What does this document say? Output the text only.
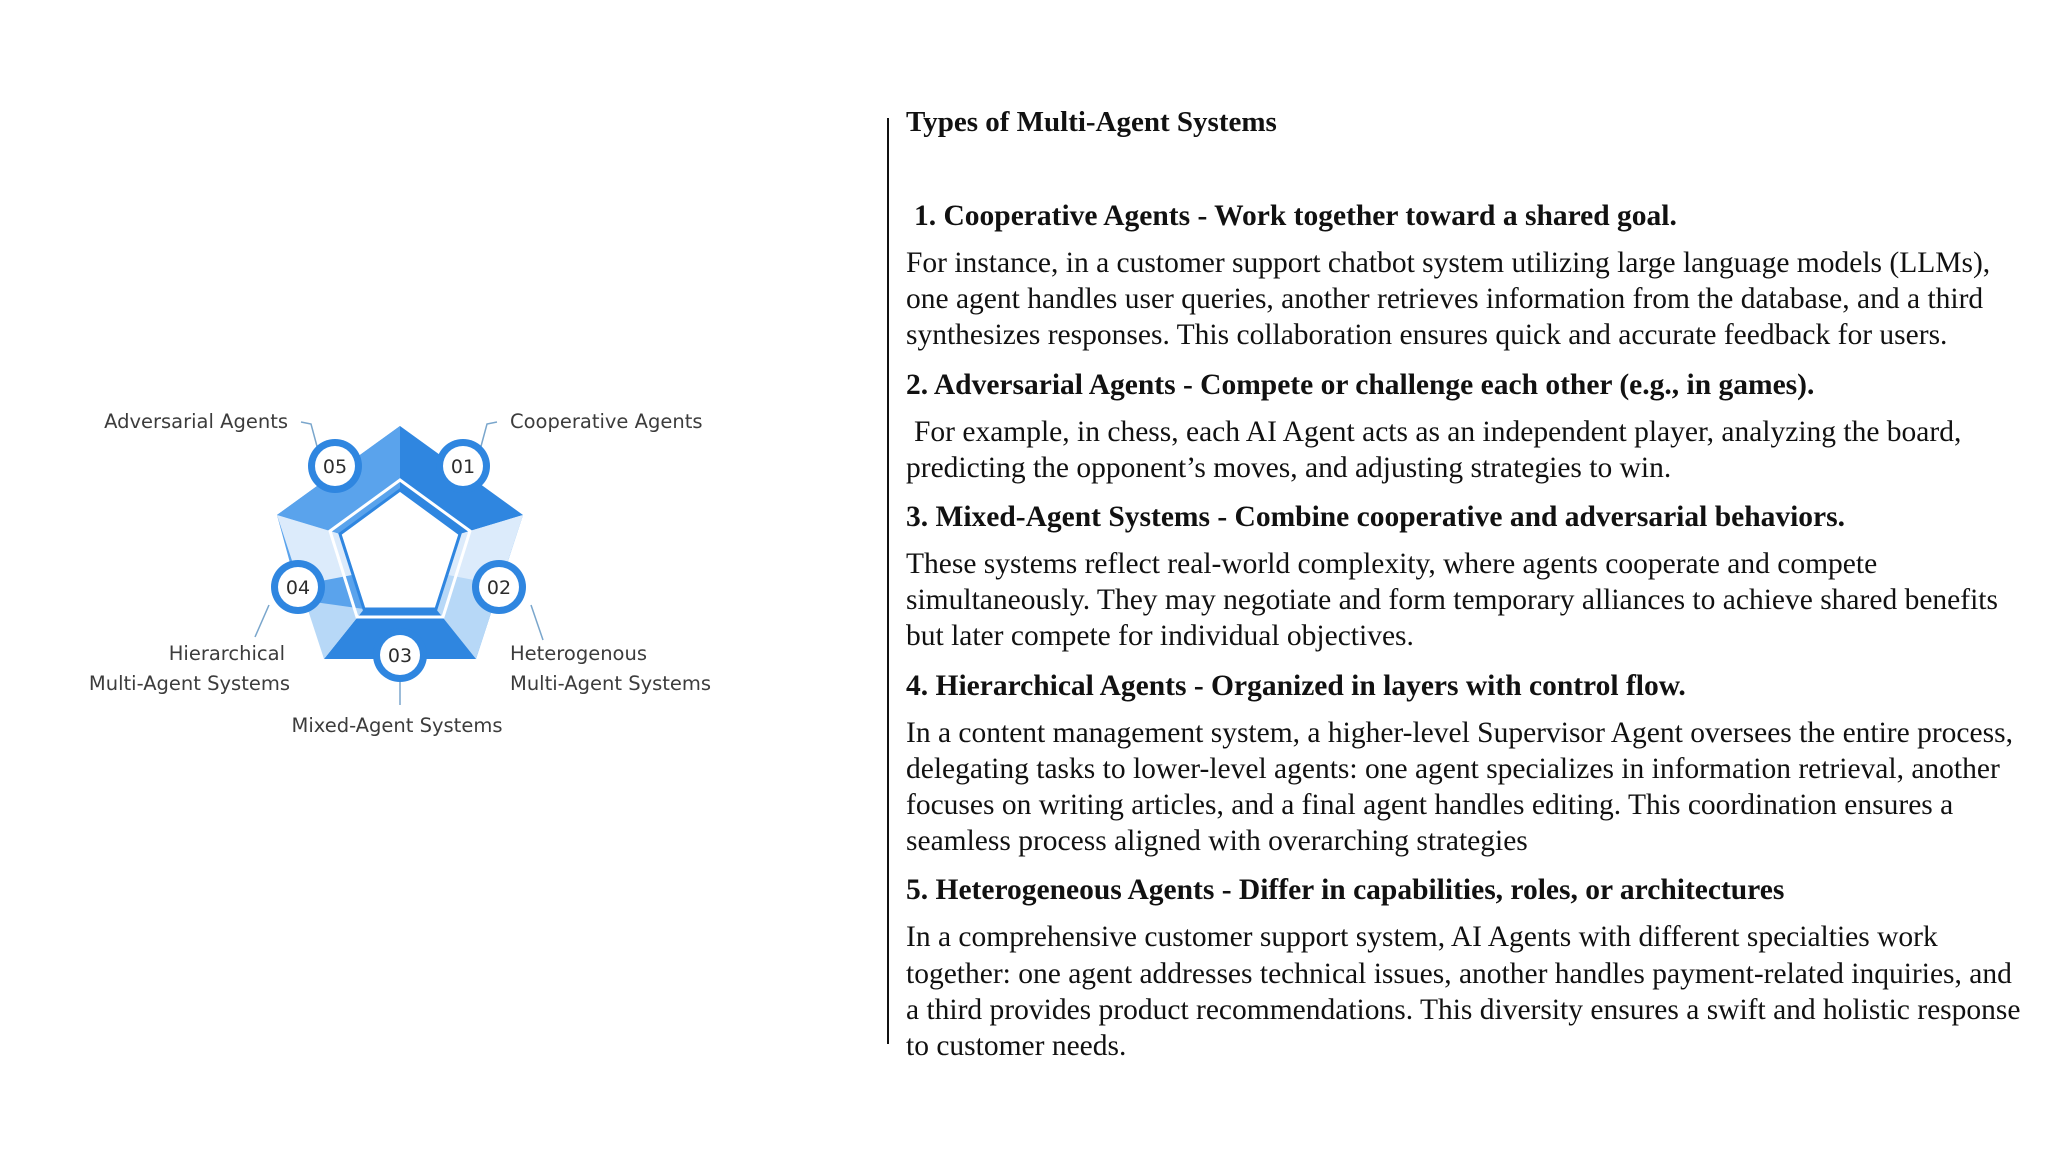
01
02
03
04
05
Cooperative Agents
Heterogenous
Multi-Agent Systems
Mixed-Agent Systems
Hierarchical
Multi-Agent Systems
Adversarial Agents
Types of Multi-Agent Systems
1. Cooperative Agents - Work together toward a shared goal.
For instance, in a customer support chatbot system utilizing large language models (LLMs), one agent handles user queries, another retrieves information from the database, and a third synthesizes responses. This collaboration ensures quick and accurate feedback for users.
2. Adversarial Agents - Compete or challenge each other (e.g., in games).
For example, in chess, each AI Agent acts as an independent player, analyzing the board, predicting the opponent’s moves, and adjusting strategies to win.
3. Mixed-Agent Systems - Combine cooperative and adversarial behaviors.
These systems reflect real-world complexity, where agents cooperate and compete simultaneously. They may negotiate and form temporary alliances to achieve shared benefits but later compete for individual objectives.
4. Hierarchical Agents - Organized in layers with control flow.
In a content management system, a higher-level Supervisor Agent oversees the entire process, delegating tasks to lower-level agents: one agent specializes in information retrieval, another focuses on writing articles, and a final agent handles editing. This coordination ensures a seamless process aligned with overarching strategies
5. Heterogeneous Agents - Differ in capabilities, roles, or architectures
In a comprehensive customer support system, AI Agents with different specialties work together: one agent addresses technical issues, another handles payment-related inquiries, and a third provides product recommendations. This diversity ensures a swift and holistic response to customer needs.
